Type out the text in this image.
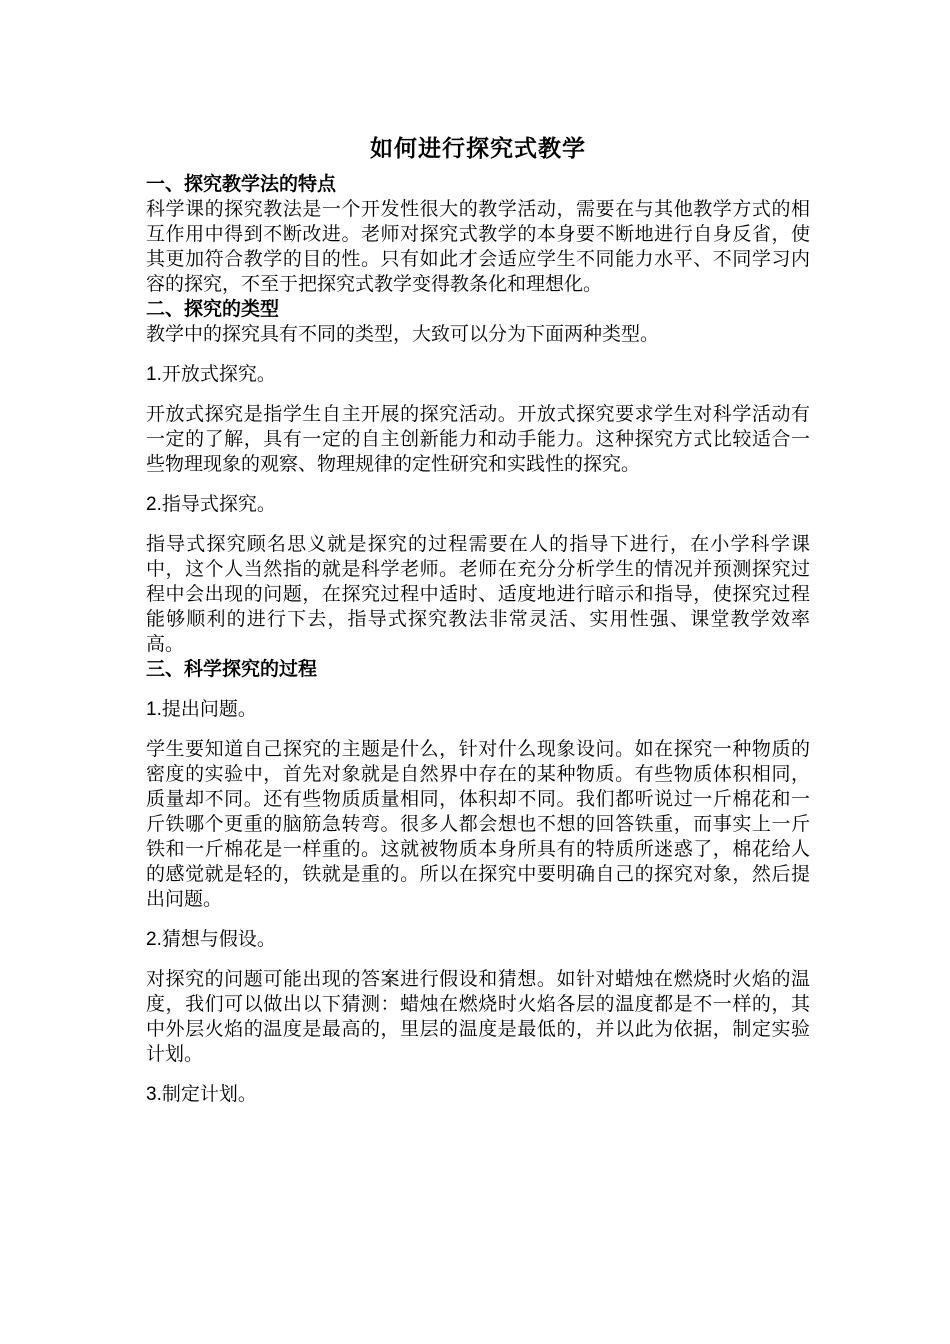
如何进行探究式教学
一、探究教学法的特点

科学课的探究教法是一个开发性很大的教学活动，需要在与其他教学方式的相互作用中得到不断改进。老师对探究式教学的本身要不断地进行自身反省，使其更加符合教学的目的性。只有如此才会适应学生不同能力水平、不同学习内容的探究，不至于把探究式教学变得教条化和理想化。

二、探究的类型

教学中的探究具有不同的类型，大致可以分为下面两种类型。

1.开放式探究。

开放式探究是指学生自主开展的探究活动。开放式探究要求学生对科学活动有一定的了解，具有一定的自主创新能力和动手能力。这种探究方式比较适合一些物理现象的观察、物理规律的定性研究和实践性的探究。

2.指导式探究。

指导式探究顾名思义就是探究的过程需要在人的指导下进行，在小学科学课中，这个人当然指的就是科学老师。老师在充分分析学生的情况并预测探究过程中会出现的问题，在探究过程中适时、适度地进行暗示和指导，使探究过程能够顺利的进行下去，指导式探究教法非常灵活、实用性强、课堂教学效率高。

三、科学探究的过程

1.提出问题。

学生要知道自己探究的主题是什么，针对什么现象设问。如在探究一种物质的密度的实验中，首先对象就是自然界中存在的某种物质。有些物质体积相同，质量却不同。还有些物质质量相同，体积却不同。我们都听说过一斤棉花和一斤铁哪个更重的脑筋急转弯。很多人都会想也不想的回答铁重，而事实上一斤铁和一斤棉花是一样重的。这就被物质本身所具有的特质所迷惑了，棉花给人的感觉就是轻的，铁就是重的。所以在探究中要明确自己的探究对象，然后提出问题。

2.猜想与假设。

对探究的问题可能出现的答案进行假设和猜想。如针对蜡烛在燃烧时火焰的温度，我们可以做出以下猜测：蜡烛在燃烧时火焰各层的温度都是不一样的，其中外层火焰的温度是最高的，里层的温度是最低的，并以此为依据，制定实验计划。

3.制定计划。
